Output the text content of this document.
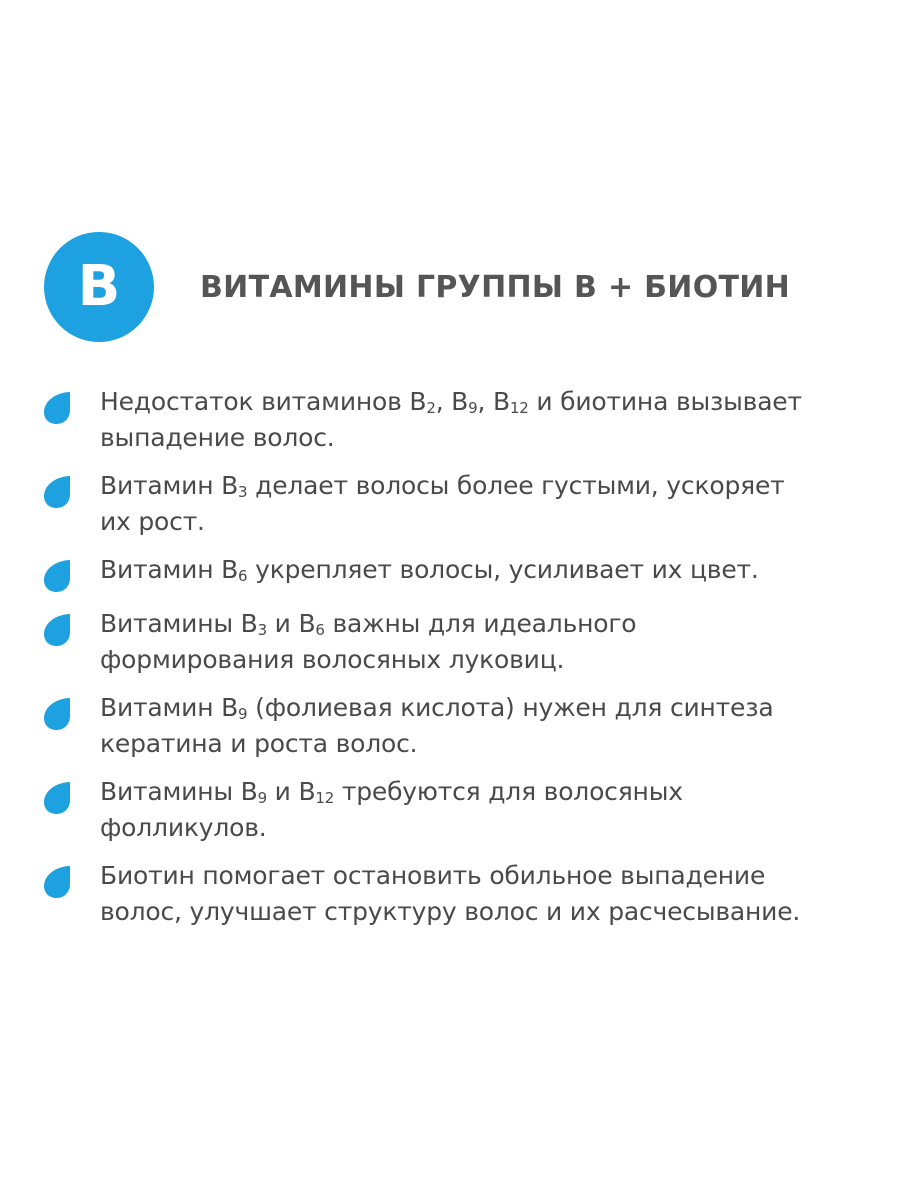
B	ВИТАМИНЫ ГРУППЫ В + БИОТИН
Недостаток витаминов $В_2$, $В_9$, $В_{12}$ и биотина вызывает
выпадение волос.
Витамин $В_3$ делает волосы более густыми, ускоряет
их рост.
Витамин $В_6$ укрепляет волосы, усиливает их цвет.
Витамины $В_3$ и $В_6$ важны для идеального
формирования волосяных луковиц.
Витамин $В_9$ (фолиевая кислота) нужен для синтеза
кератина и роста волос.
Витамины $В_9$ и $В_{12}$ требуются для волосяных
фолликулов.
Биотин помогает остановить обильное выпадение
волос, улучшает структуру волос и их расчесывание.
